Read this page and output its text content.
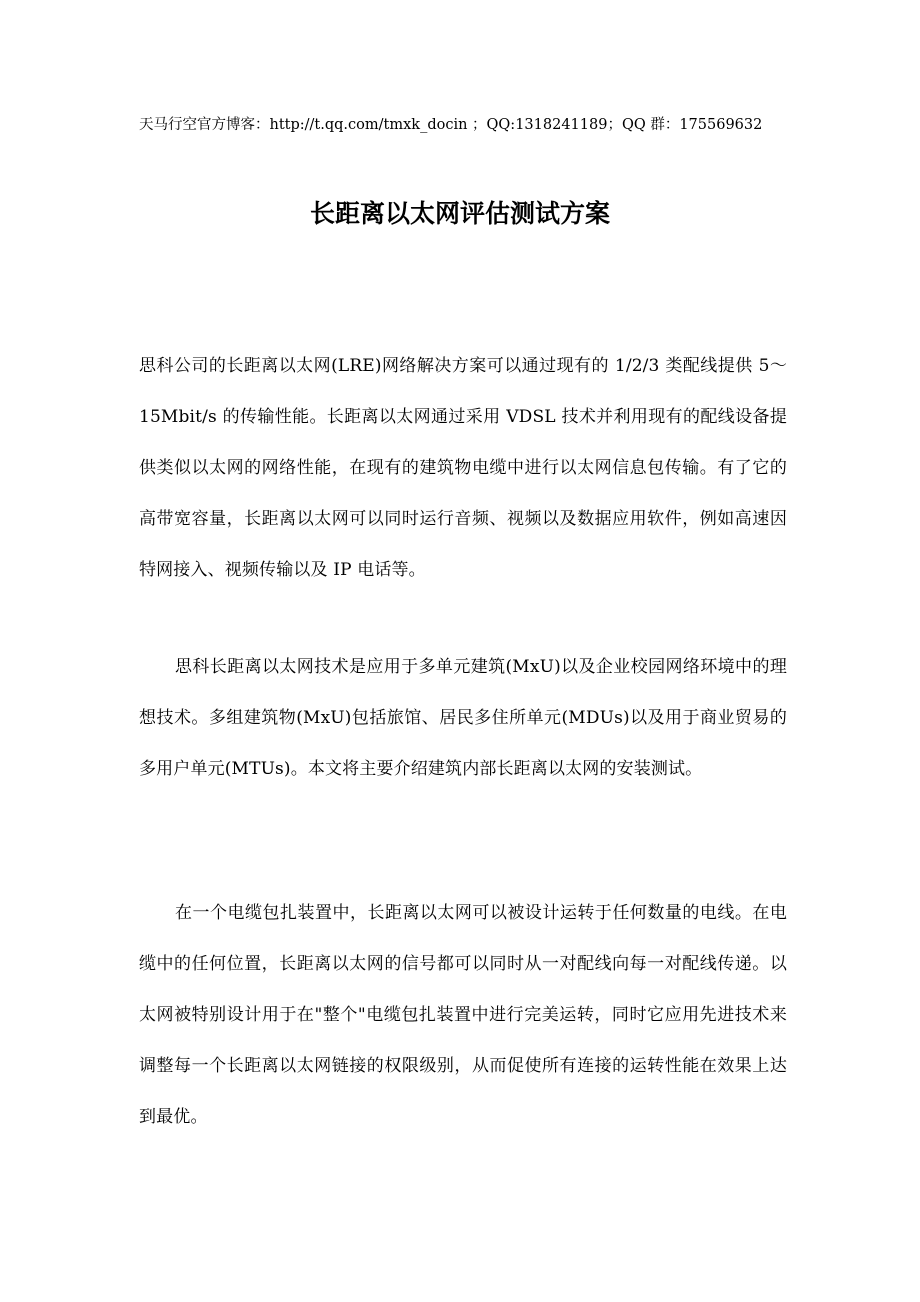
天马行空官方博客：http://t.qq.com/tmxk_docin ；QQ:1318241189；QQ 群：175569632
长距离以太网评估测试方案

思科公司的长距离以太网(LRE)网络解决方案可以通过现有的 1/2/3 类配线提供 5～15Mbit/s 的传输性能。长距离以太网通过采用 VDSL 技术并利用现有的配线设备提供类似以太网的网络性能，在现有的建筑物电缆中进行以太网信息包传输。有了它的高带宽容量，长距离以太网可以同时运行音频、视频以及数据应用软件，例如高速因特网接入、视频传输以及 IP 电话等。

思科长距离以太网技术是应用于多单元建筑(MxU)以及企业校园网络环境中的理想技术。多组建筑物(MxU)包括旅馆、居民多住所单元(MDUs)以及用于商业贸易的多用户单元(MTUs)。本文将主要介绍建筑内部长距离以太网的安装测试。

在一个电缆包扎装置中，长距离以太网可以被设计运转于任何数量的电线。在电缆中的任何位置，长距离以太网的信号都可以同时从一对配线向每一对配线传递。以太网被特别设计用于在"整个"电缆包扎装置中进行完美运转，同时它应用先进技术来调整每一个长距离以太网链接的权限级别，从而促使所有连接的运转性能在效果上达到最优。
